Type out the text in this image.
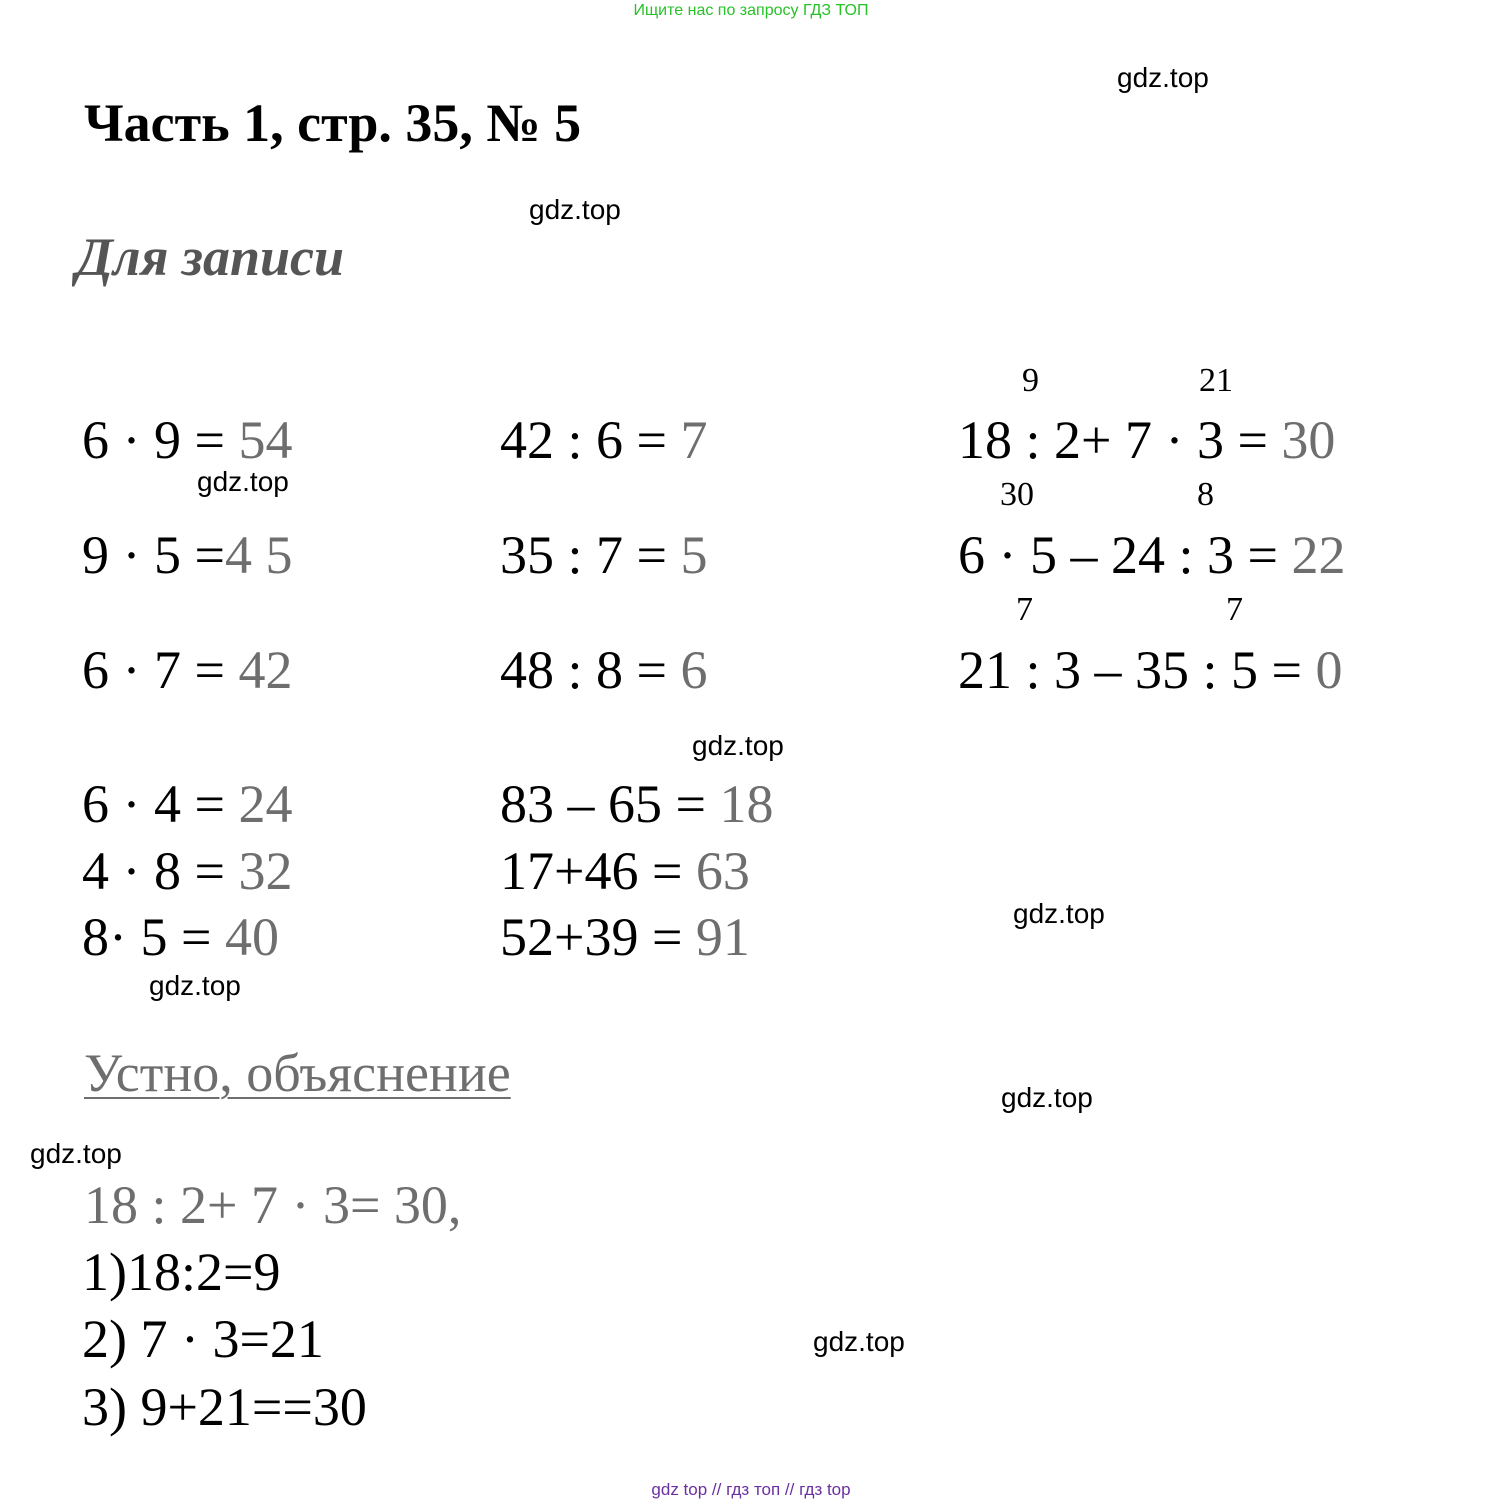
Ищите нас по запросу ГДЗ ТОП
gdz.top
Часть 1, стр. 35, № 5
gdz.top
Для записи
6 · 9 = 54
gdz.top
9 · 5 =4 5
6 · 7 = 42
6 · 4 = 24
4 · 8 = 32
8· 5 = 40
gdz.top
42 : 6 = 7
35 : 7 = 5
48 : 8 = 6
gdz.top
83 – 65 = 18
17+46 = 63
52+39 = 91
9	21
18 : 2+ 7 · 3 = 30
30	8
6 · 5 – 24 : 3 = 22
7	7
21 : 3 – 35 : 5 = 0
gdz.top
Устно, объяснение	gdz.top
gdz.top
18 : 2+ 7 · 3= 30,
1)18:2=9
2) 7 · 3=21	gdz.top
3) 9+21==30
gdz top // гдз топ // гдз top
